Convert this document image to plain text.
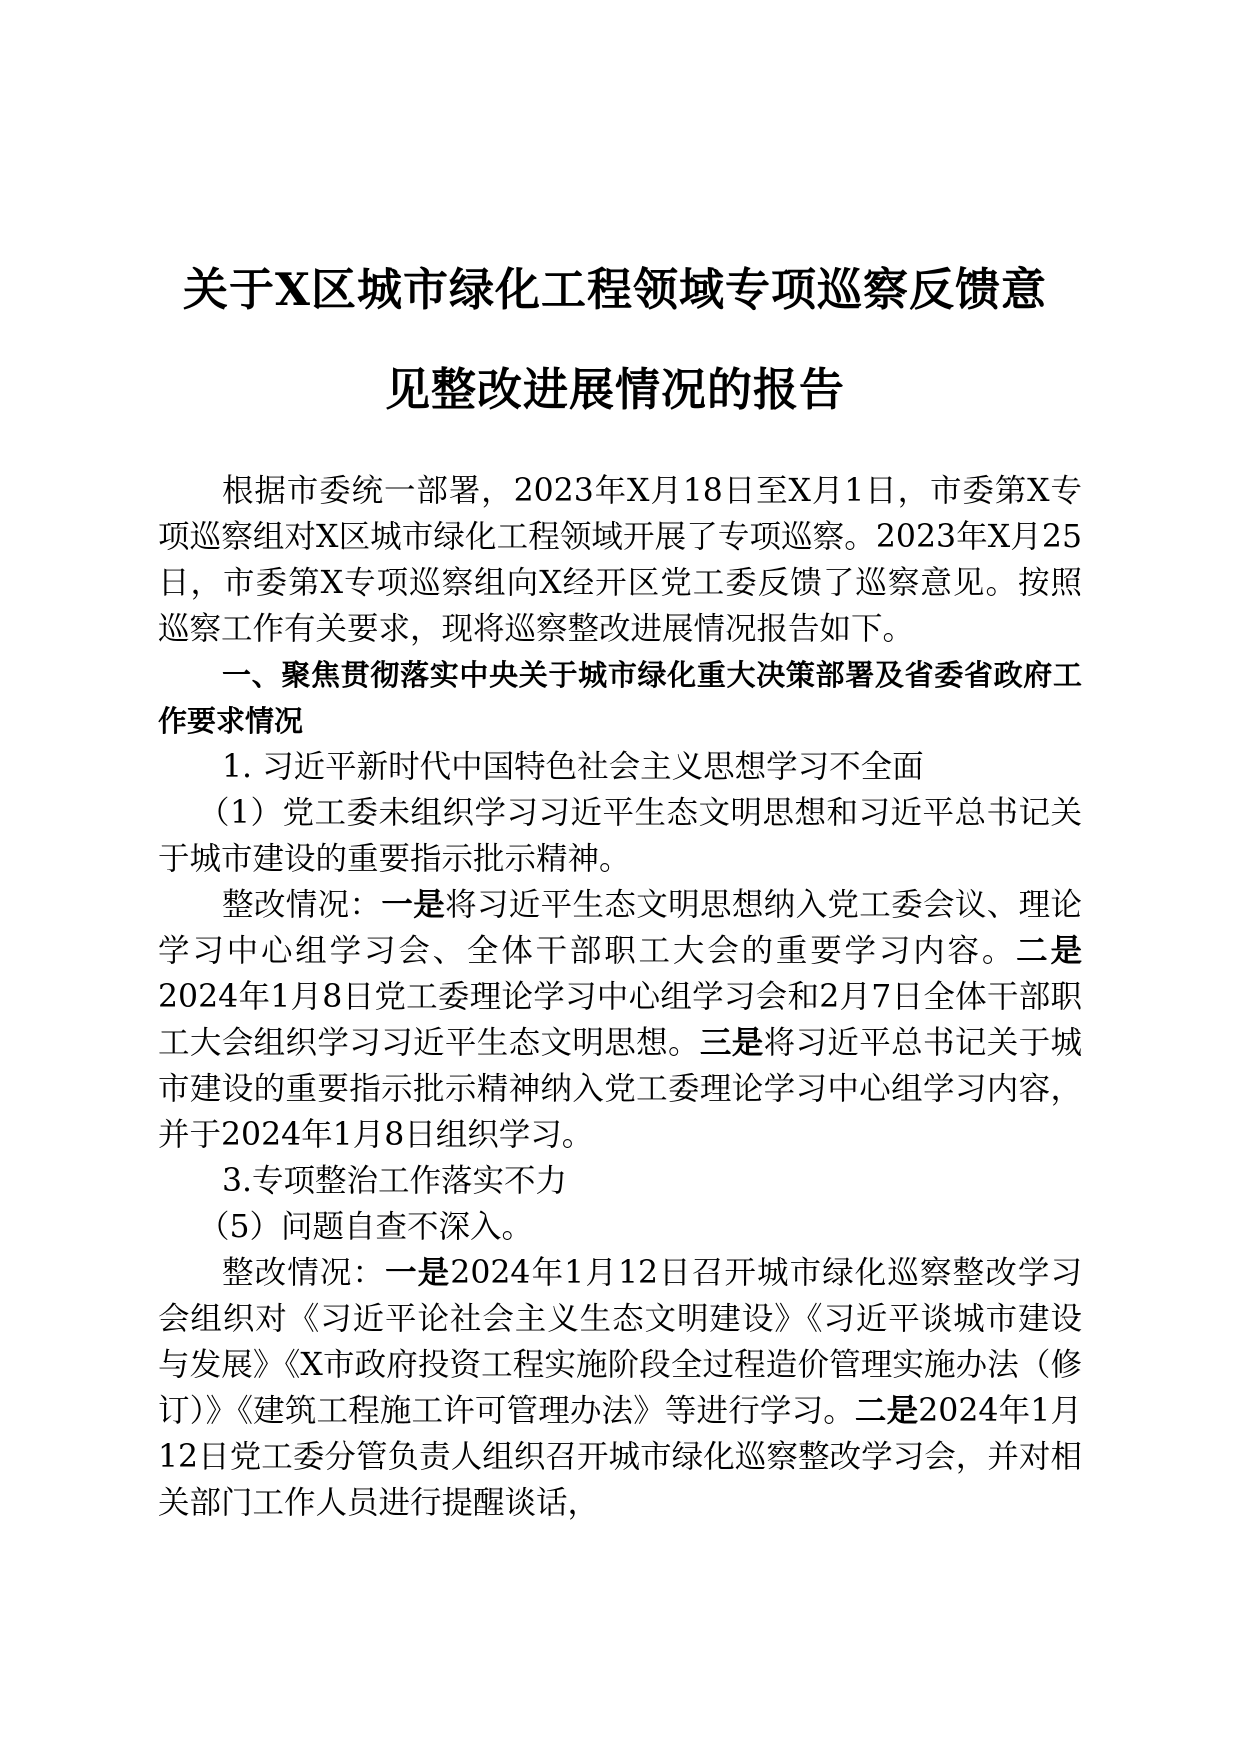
关于X区城市绿化工程领域专项巡察反馈意
见整改进展情况的报告

根据市委统一部署，2023年X月18日至X月1日，市委第X专项巡察组对X区城市绿化工程领域开展了专项巡察。2023年X月25日，市委第X专项巡察组向X经开区党工委反馈了巡察意见。按照巡察工作有关要求，现将巡察整改进展情况报告如下。

一、聚焦贯彻落实中央关于城市绿化重大决策部署及省委省政府工作要求情况

1. 习近平新时代中国特色社会主义思想学习不全面

（1）党工委未组织学习习近平生态文明思想和习近平总书记关于城市建设的重要指示批示精神。

整改情况：一是将习近平生态文明思想纳入党工委会议、理论学习中心组学习会、全体干部职工大会的重要学习内容。二是2024年1月8日党工委理论学习中心组学习会和2月7日全体干部职工大会组织学习习近平生态文明思想。三是将习近平总书记关于城市建设的重要指示批示精神纳入党工委理论学习中心组学习内容，并于2024年1月8日组织学习。

3.专项整治工作落实不力

（5）问题自查不深入。

整改情况：一是2024年1月12日召开城市绿化巡察整改学习会组织对《习近平论社会主义生态文明建设》《习近平谈城市建设与发展》《X市政府投资工程实施阶段全过程造价管理实施办法（修订）》《建筑工程施工许可管理办法》等进行学习。二是2024年1月12日党工委分管负责人组织召开城市绿化巡察整改学习会，并对相关部门工作人员进行提醒谈话，
